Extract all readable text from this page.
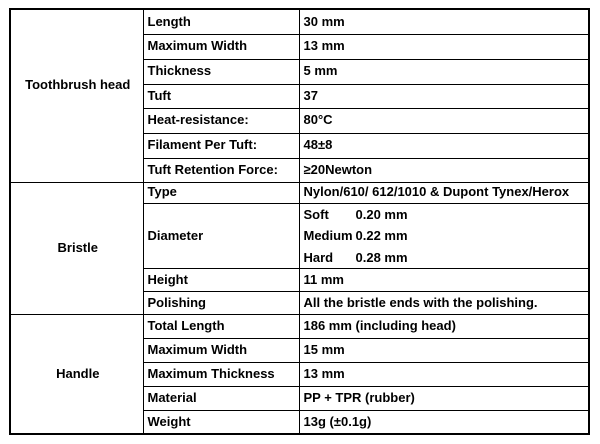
Toothbrush head	Length	30 mm
	Maximum Width	13 mm
	Thickness	5 mm
	Tuft	37
	Heat-resistance:	80°C
	Filament Per Tuft:	48±8
	Tuft Retention Force:	≥20Newton
Bristle	Type	Nylon/610/ 612/1010 & Dupont Tynex/Herox
	Diameter	Soft 0.20 mm
Medium 0.22 mm
Hard 0.28 mm

	Height	11 mm
	Polishing	All the bristle ends with the polishing.
Handle	Total Length	186 mm (including head)
	Maximum Width	15 mm
	Maximum Thickness	13 mm
	Material	PP + TPR (rubber)
	Weight	13g (±0.1g)
